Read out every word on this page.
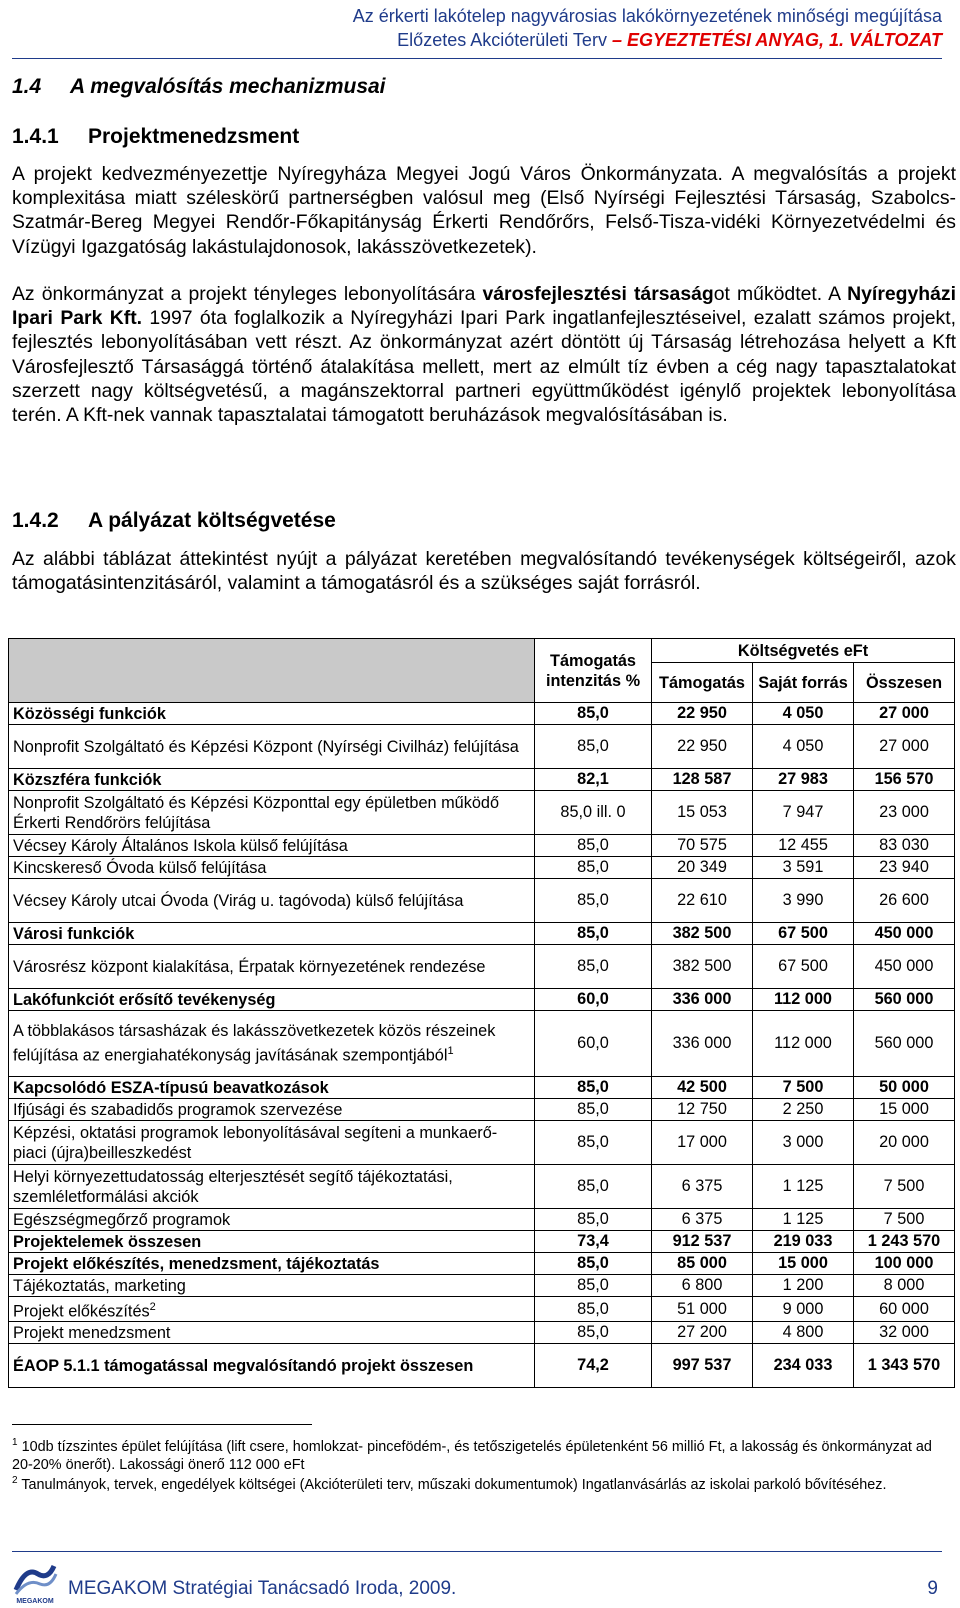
Az érkerti lakótelep nagyvárosias lakókörnyezetének minőségi megújítása
Előzetes Akcióterületi Terv – EGYEZTETÉSI ANYAG, 1. VÁLTOZAT
1.4 A megvalósítás mechanizmusai
1.4.1 Projektmenedzsment
A projekt kedvezményezettje Nyíregyháza Megyei Jogú Város Önkormányzata. A megvalósítás a projekt komplexitása miatt széleskörű partnerségben valósul meg (Első Nyírségi Fejlesztési Társaság, Szabolcs-Szatmár-Bereg Megyei Rendőr-Főkapitányság Érkerti Rendőrőrs, Felső-Tisza-vidéki Környezetvédelmi és Vízügyi Igazgatóság lakástulajdonosok, lakásszövetkezetek).
Az önkormányzat a projekt tényleges lebonyolítására városfejlesztési társaságot működtet. A Nyíregyházi Ipari Park Kft. 1997 óta foglalkozik a Nyíregyházi Ipari Park ingatlanfejlesztéseivel, ezalatt számos projekt, fejlesztés lebonyolításában vett részt. Az önkormányzat azért döntött új Társaság létrehozása helyett a Kft Városfejlesztő Társasággá történő átalakítása mellett, mert az elmúlt tíz évben a cég nagy tapasztalatokat szerzett nagy költségvetésű, a magánszektorral partneri együttműködést igénylő projektek lebonyolítása terén. A Kft-nek vannak tapasztalatai támogatott beruházások megvalósításában is.
1.4.2 A pályázat költségvetése
Az alábbi táblázat áttekintést nyújt a pályázat keretében megvalósítandó tevékenységek költségeiről, azok támogatásintenzitásáról, valamint a támogatásról és a szükséges saját forrásról.
	Támogatás intenzitás %	Költségvetés eFt		
		Támogatás	Saját forrás	Összesen
Közösségi funkciók	85,0	22 950	4 050	27 000
Nonprofit Szolgáltató és Képzési Központ (Nyírségi Civilház) felújítása	85,0	22 950	4 050	27 000
Közszféra funkciók	82,1	128 587	27 983	156 570
Nonprofit Szolgáltató és Képzési Központtal egy épületben működő Érkerti Rendőrörs felújítása	85,0 ill. 0	15 053	7 947	23 000
Vécsey Károly Általános Iskola külső felújítása	85,0	70 575	12 455	83 030
Kincskereső Óvoda külső felújítása	85,0	20 349	3 591	23 940
Vécsey Károly utcai Óvoda (Virág u. tagóvoda) külső felújítása	85,0	22 610	3 990	26 600
Városi funkciók	85,0	382 500	67 500	450 000
Városrész központ kialakítása, Érpatak környezetének rendezése	85,0	382 500	67 500	450 000
Lakófunkciót erősítő tevékenység	60,0	336 000	112 000	560 000
A többlakásos társasházak és lakásszövetkezetek közös részeinek felújítása az energiahatékonyság javításának szempontjából$^1$	60,0	336 000	112 000	560 000
Kapcsolódó ESZA-típusú beavatkozások	85,0	42 500	7 500	50 000
Ifjúsági és szabadidős programok szervezése	85,0	12 750	2 250	15 000
Képzési, oktatási programok lebonyolításával segíteni a munkaerő-piaci (újra)beilleszkedést	85,0	17 000	3 000	20 000
Helyi környezettudatosság elterjesztését segítő tájékoztatási, szemléletformálási akciók	85,0	6 375	1 125	7 500
Egészségmegőrző programok	85,0	6 375	1 125	7 500
Projektelemek összesen	73,4	912 537	219 033	1 243 570
Projekt előkészítés, menedzsment, tájékoztatás	85,0	85 000	15 000	100 000
Tájékoztatás, marketing	85,0	6 800	1 200	8 000
Projekt előkészítés$^2$	85,0	51 000	9 000	60 000
Projekt menedzsment	85,0	27 200	4 800	32 000
ÉAOP 5.1.1 támogatással megvalósítandó projekt összesen	74,2	997 537	234 033	1 343 570
$^1$ 10db tízszintes épület felújítása (lift csere, homlokzat- pincefödém-, és tetőszigetelés épületenként 56 millió Ft, a lakosság és önkormányzat ad 20-20% önerőt). Lakossági önerő 112 000 eFt
$^2$ Tanulmányok, tervek, engedélyek költségei (Akcióterületi terv, műszaki dokumentumok) Ingatlanvásárlás az iskolai parkoló bővítéséhez.
MEGAKOM
MEGAKOM Stratégiai Tanácsadó Iroda, 2009.	9
